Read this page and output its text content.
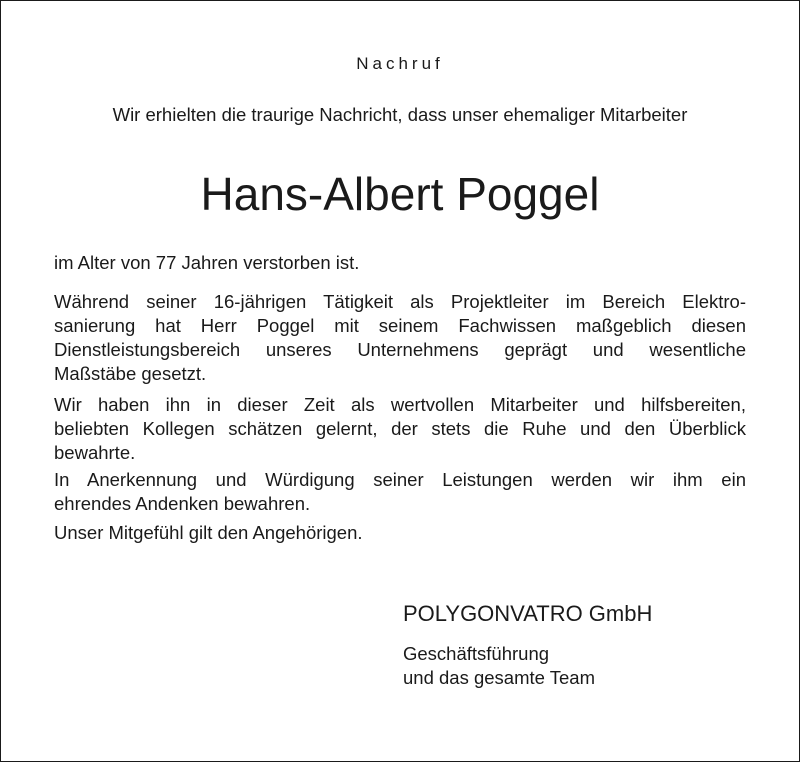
Nachruf
Wir erhielten die traurige Nachricht, dass unser ehemaliger Mitarbeiter
Hans-Albert Poggel
im Alter von 77 Jahren verstorben ist.
Während seiner 16-jährigen Tätigkeit als Projektleiter im Bereich Elektro-
sanierung hat Herr Poggel mit seinem Fachwissen maßgeblich diesen
Dienstleistungsbereich unseres Unternehmens geprägt und wesentliche
Maßstäbe gesetzt.
Wir haben ihn in dieser Zeit als wertvollen Mitarbeiter und hilfsbereiten,
beliebten Kollegen schätzen gelernt, der stets die Ruhe und den Überblick
bewahrte.
In Anerkennung und Würdigung seiner Leistungen werden wir ihm ein
ehrendes Andenken bewahren.
Unser Mitgefühl gilt den Angehörigen.
POLYGONVATRO GmbH
Geschäftsführung
und das gesamte Team
